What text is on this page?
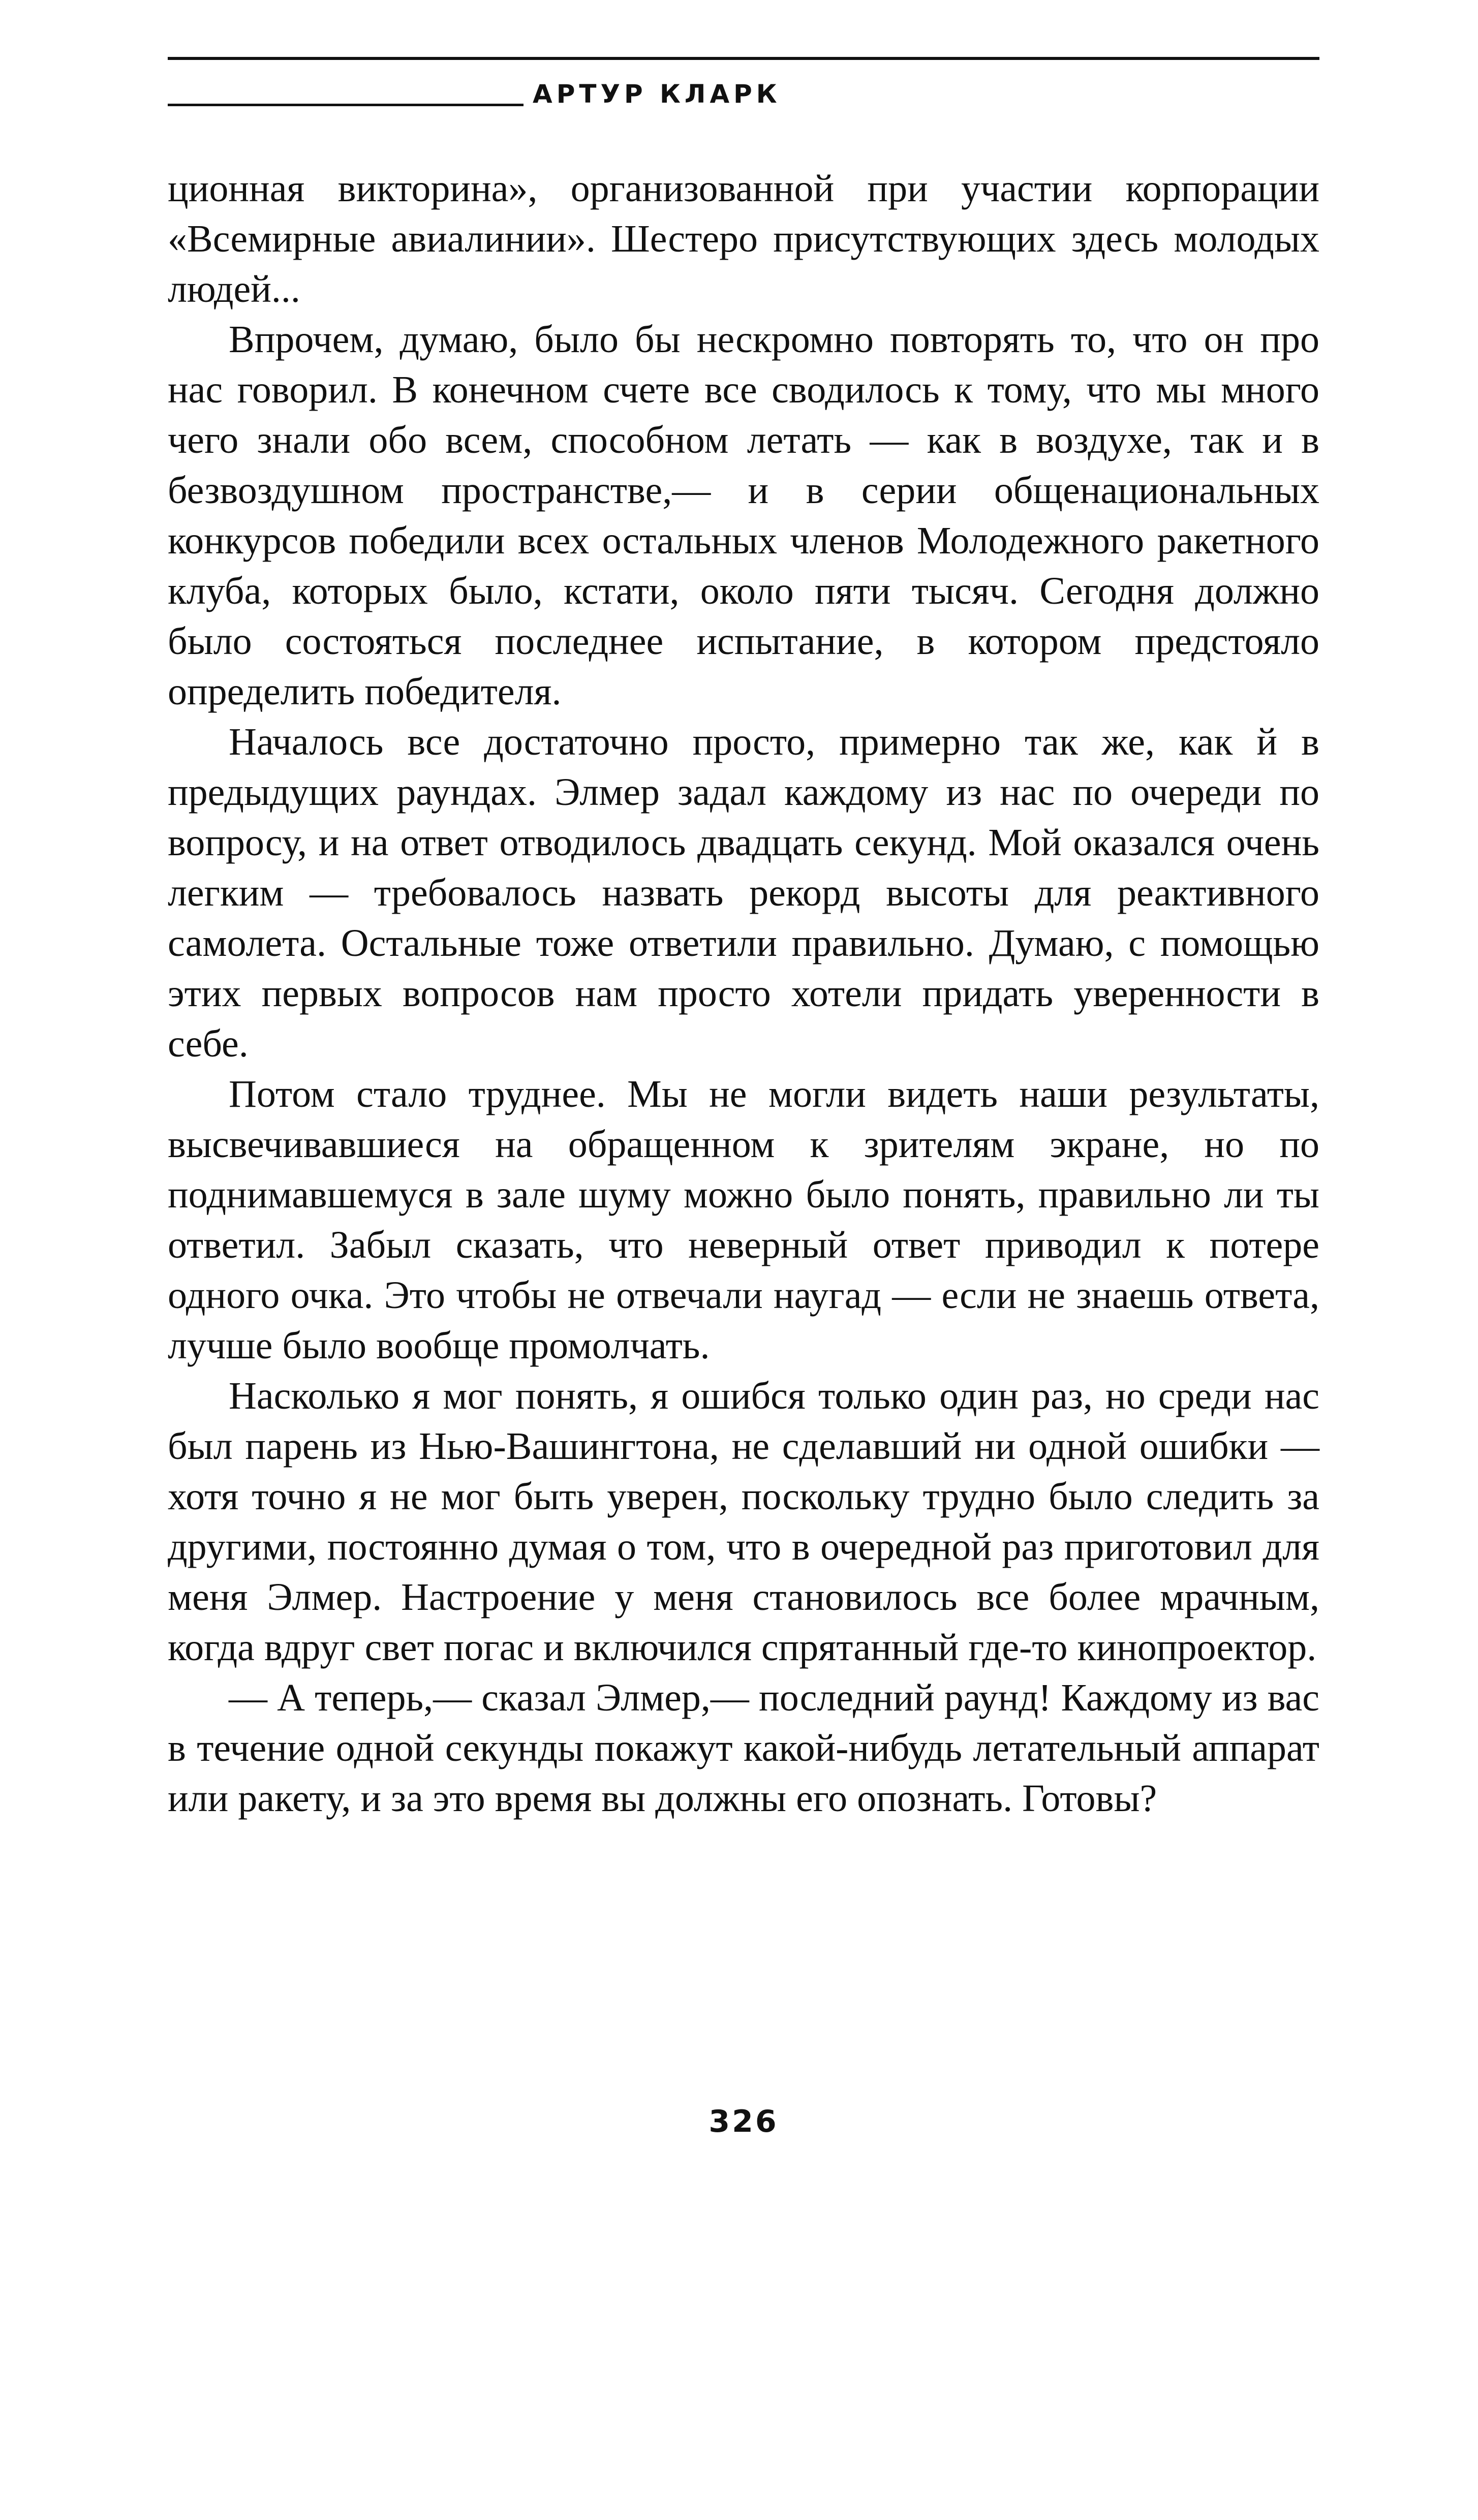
АРТУР КЛАРК

ционная викторина», организованной при участии корпорации «Всемирные авиалинии». Шестеро присутствующих здесь молодых людей...

Впрочем, думаю, было бы нескромно повторять то, что он про нас говорил. В конечном счете все сводилось к тому, что мы много чего знали обо всем, способном летать — как в воздухе, так и в безвоздушном пространстве,— и в серии общенациональных конкурсов победили всех остальных членов Молодежного ракетного клуба, которых было, кстати, около пяти тысяч. Сегодня должно было состояться последнее испытание, в котором предстояло определить победителя.

Началось все достаточно просто, примерно так же, как й в предыдущих раундах. Элмер задал каждому из нас по очереди по вопросу, и на ответ отводилось двадцать секунд. Мой оказался очень легким — требовалось назвать рекорд высоты для реактивного самолета. Остальные тоже ответили правильно. Думаю, с помощью этих первых вопросов нам просто хотели придать уверенности в себе.

Потом стало труднее. Мы не могли видеть наши результаты, высвечивавшиеся на обращенном к зрителям экране, но по поднимавшемуся в зале шуму можно было понять, правильно ли ты ответил. Забыл сказать, что неверный ответ приводил к потере одного очка. Это чтобы не отвечали наугад — если не знаешь ответа, лучше было вообще промолчать.

Насколько я мог понять, я ошибся только один раз, но среди нас был парень из Нью-Вашингтона, не сделавший ни одной ошибки — хотя точно я не мог быть уверен, поскольку трудно было следить за другими, постоянно думая о том, что в очередной раз приготовил для меня Элмер. Настроение у меня становилось все более мрачным, когда вдруг свет погас и включился спрятанный где-то кинопроектор.

— А теперь,— сказал Элмер,— последний раунд! Каждому из вас в течение одной секунды покажут какой-нибудь летательный аппарат или ракету, и за это время вы должны его опознать. Готовы?

326
